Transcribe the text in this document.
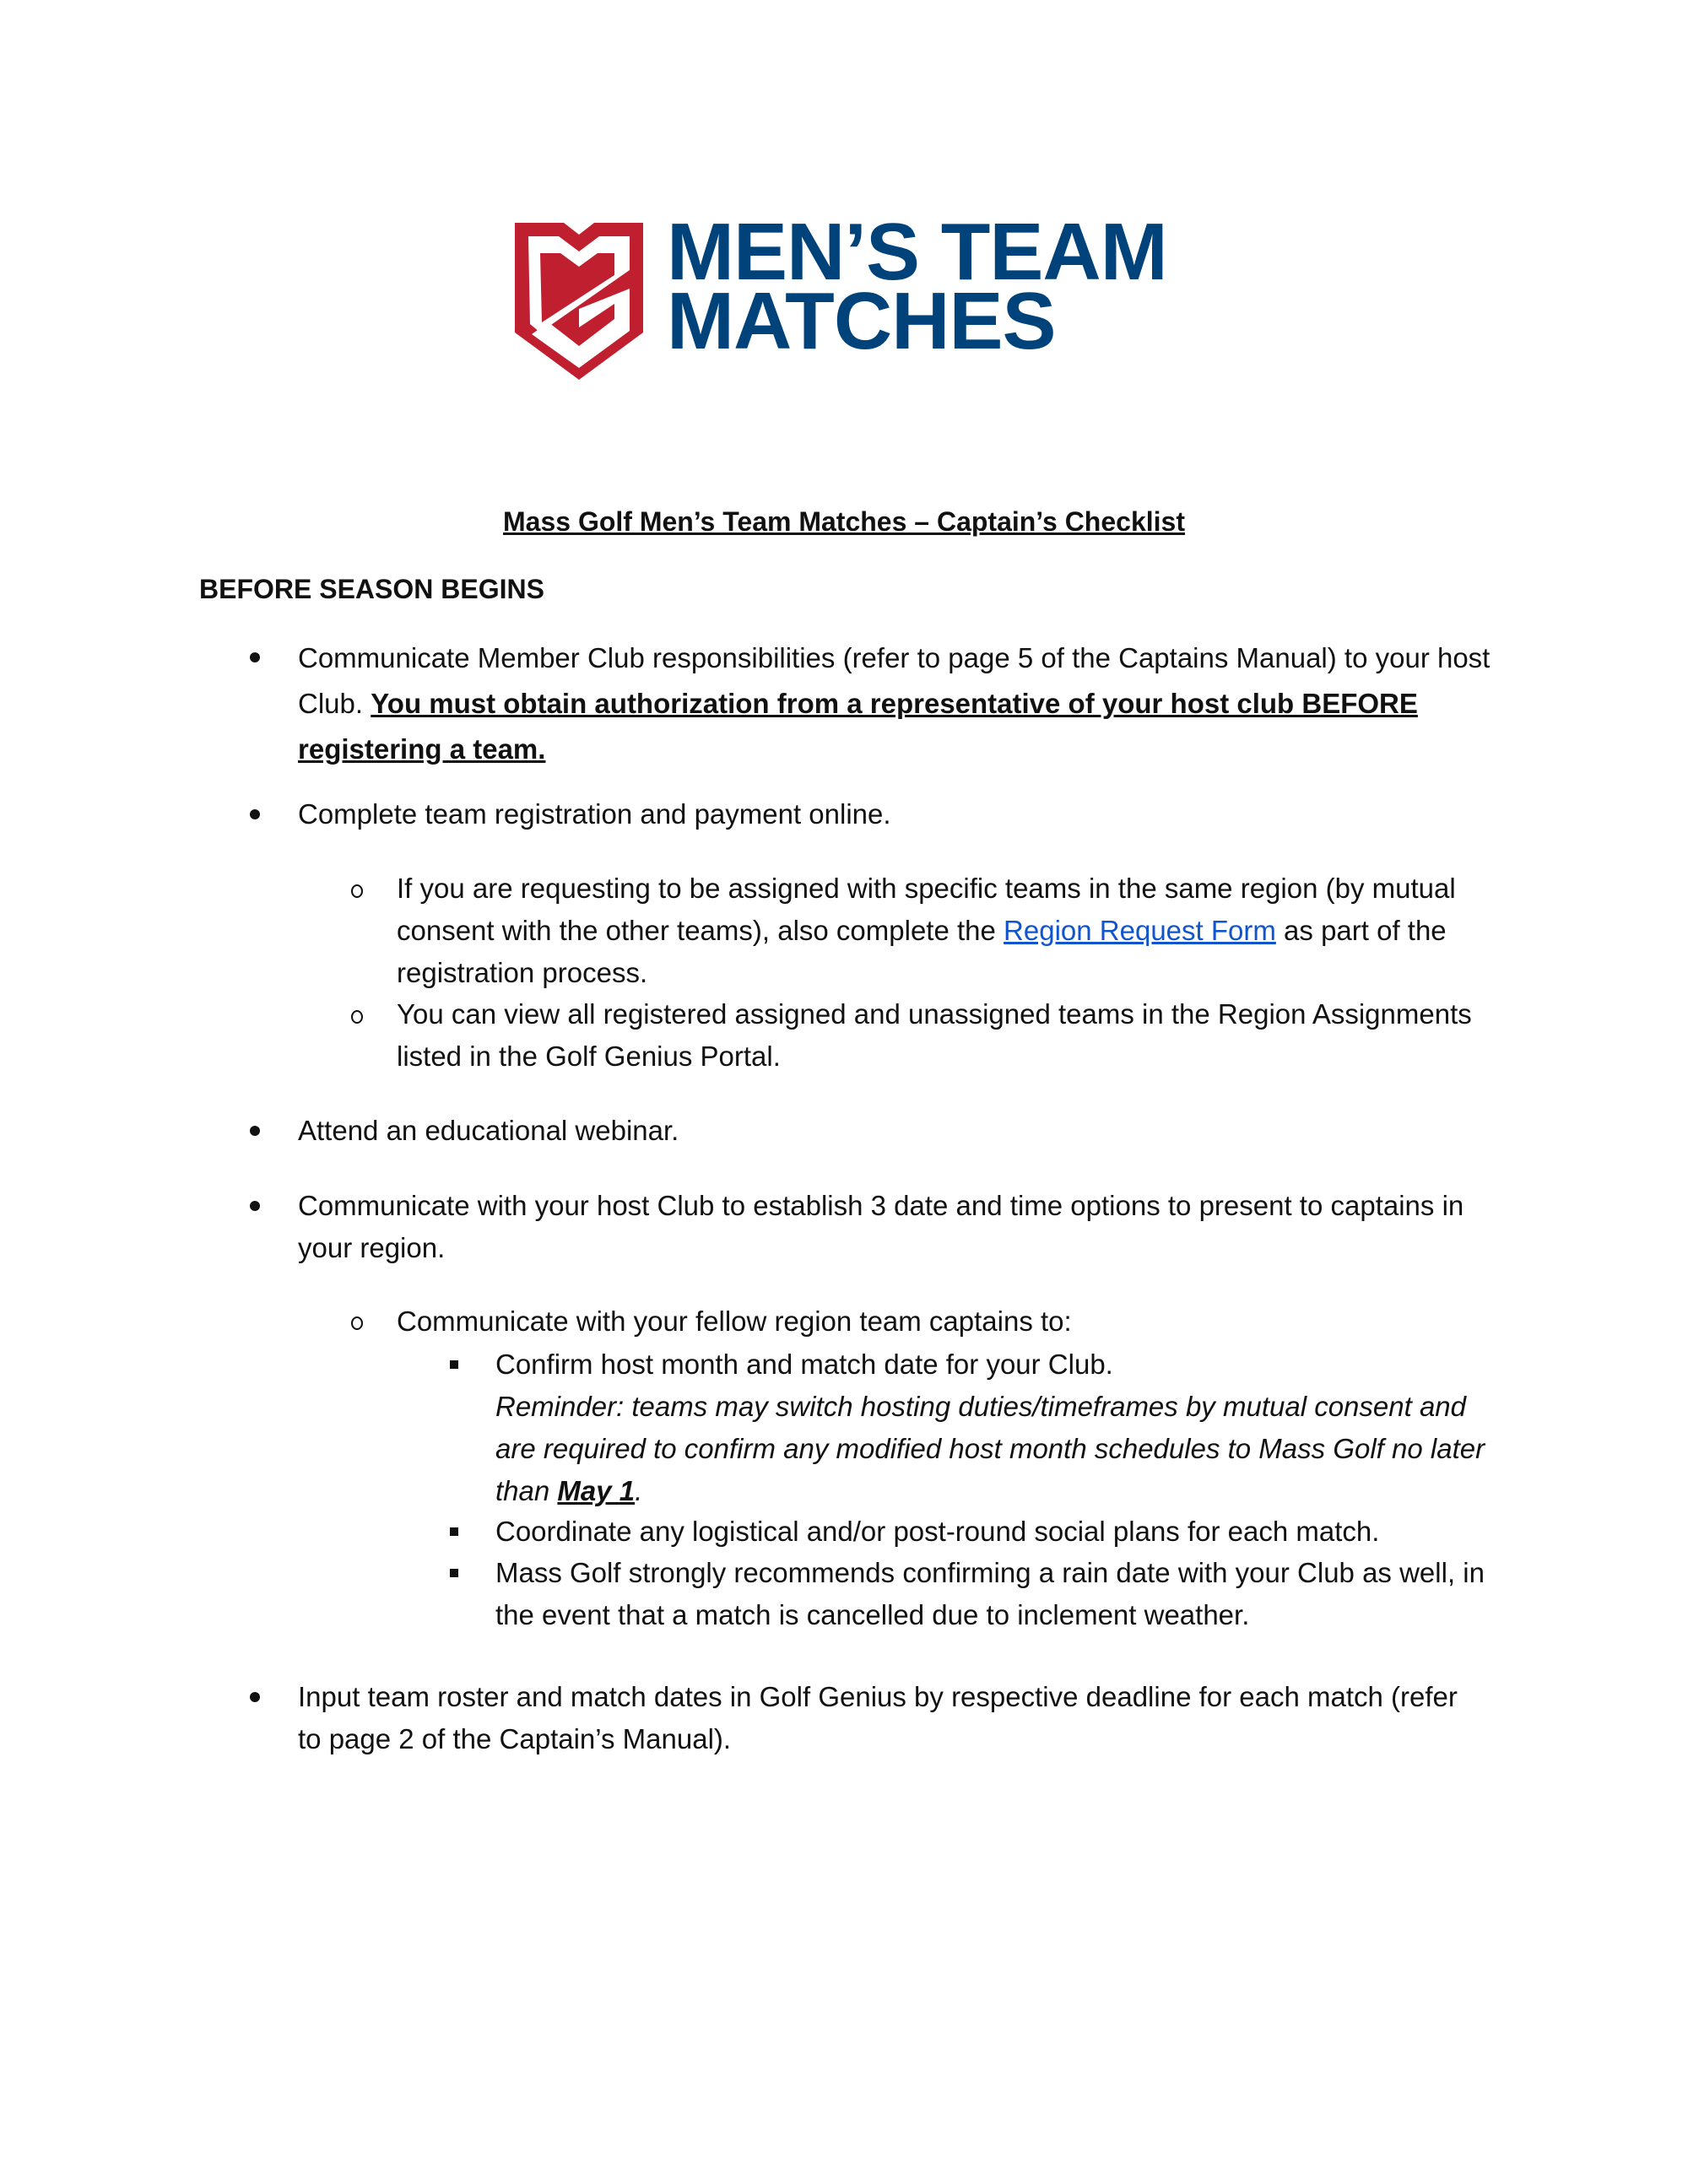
MEN’S TEAM
MATCHES
Mass Golf Men’s Team Matches – Captain’s Checklist
BEFORE SEASON BEGINS
Communicate Member Club responsibilities (refer to page 5 of the Captains Manual) to your host Club. You must obtain authorization from a representative of your host club BEFORE registering a team.
Complete team registration and payment online.
If you are requesting to be assigned with specific teams in the same region (by mutual consent with the other teams), also complete the Region Request Form as part of the registration process.
You can view all registered assigned and unassigned teams in the Region Assignments listed in the Golf Genius Portal.
Attend an educational webinar.
Communicate with your host Club to establish 3 date and time options to present to captains in your region.
Communicate with your fellow region team captains to:
Confirm host month and match date for your Club.
Reminder: teams may switch hosting duties/timeframes by mutual consent and are required to confirm any modified host month schedules to Mass Golf no later than May 1.
Coordinate any logistical and/or post-round social plans for each match.
Mass Golf strongly recommends confirming a rain date with your Club as well, in the event that a match is cancelled due to inclement weather.
Input team roster and match dates in Golf Genius by respective deadline for each match (refer to page 2 of the Captain’s Manual).
